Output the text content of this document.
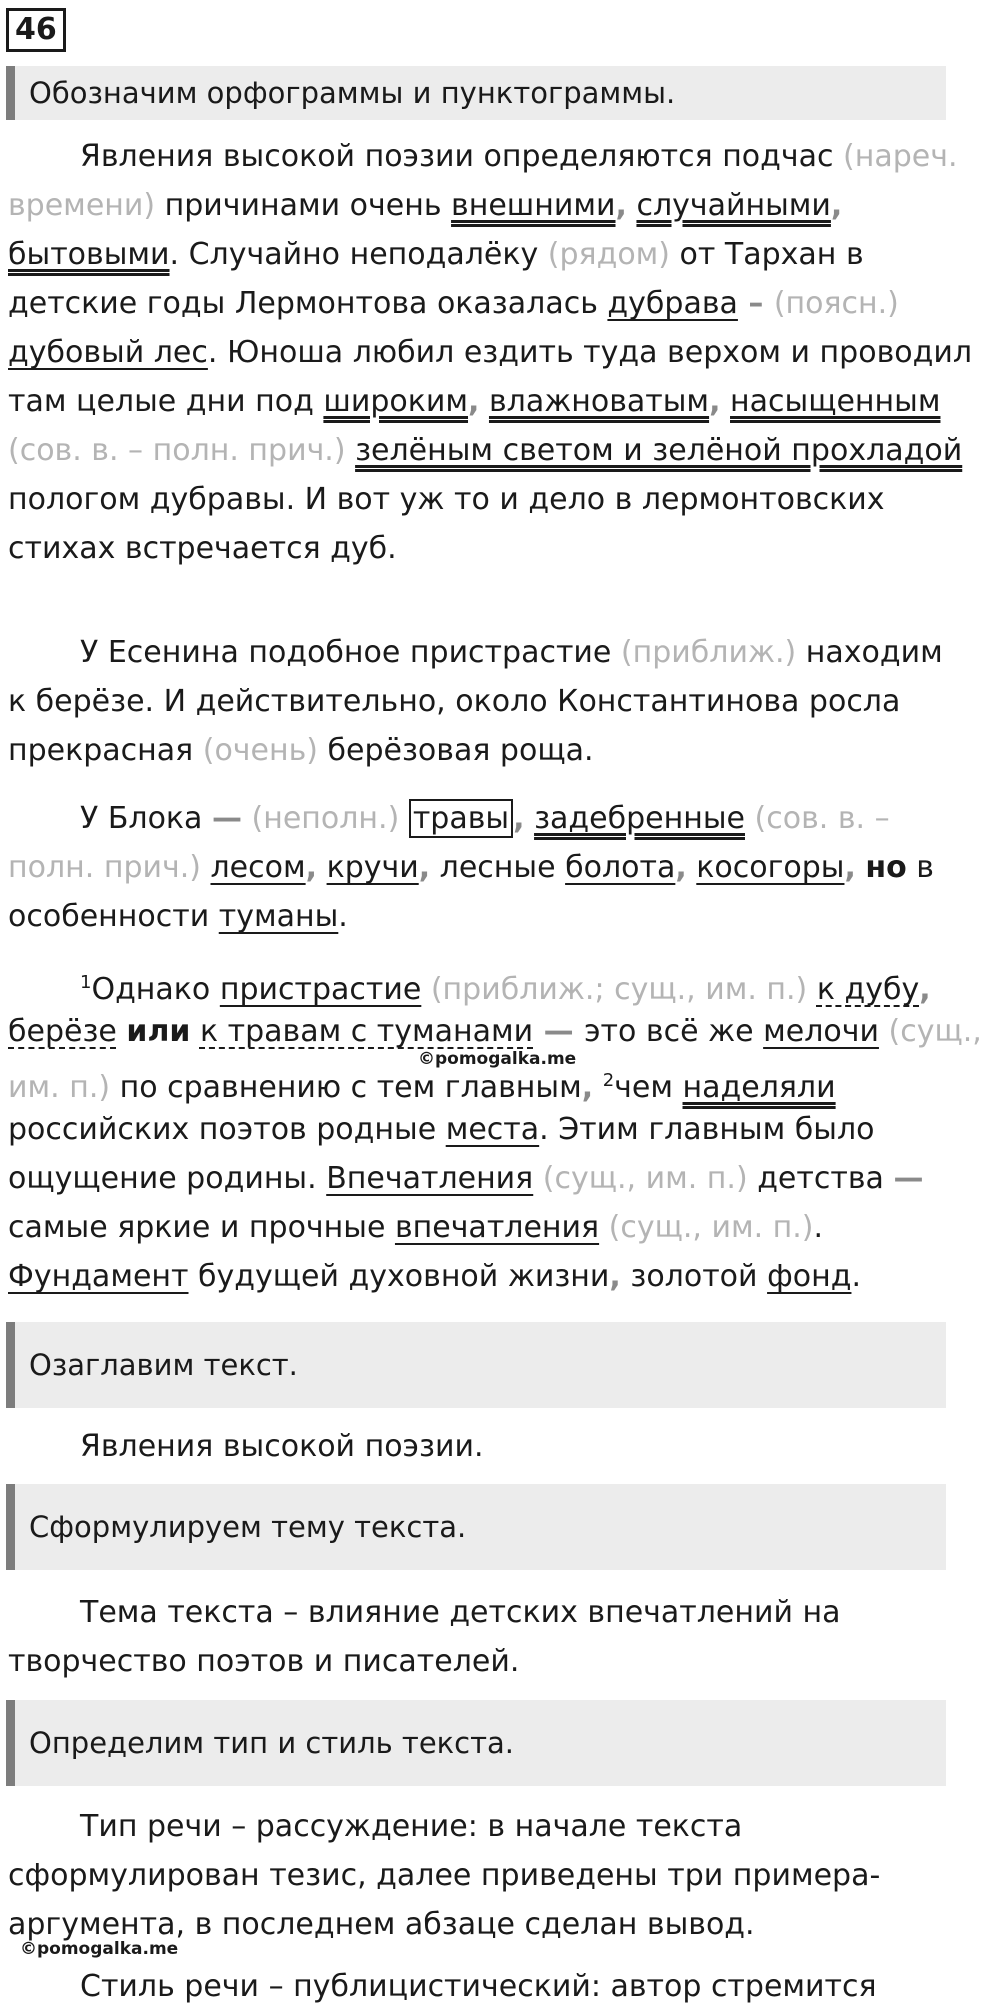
46
Обозначим орфограммы и пунктограммы.
Явления высокой поэзии определяются подчас (нареч.
времени) причинами очень внешними, случайными,
бытовыми. Случайно неподалёку (рядом) от Тархан в
детские годы Лермонтова оказалась дубрава – (поясн.)
дубовый лес. Юноша любил ездить туда верхом и проводил
там целые дни под широким, влажноватым, насыщенным
(сов. в. – полн. прич.) зелёным светом и зелёной прохладой
пологом дубравы. И вот уж то и дело в лермонтовских
стихах встречается дуб.
У Есенина подобное пристрастие (приближ.) находим
к берёзе. И действительно, около Константинова росла
прекрасная (очень) берёзовая роща.
У Блока — (неполн.) травы , задебренные (сов. в. –
полн. прич.) лесом, кручи, лесные болота, косогоры, но в
особенности туманы.
$^1$Однако пристрастие (приближ.; сущ., им. п.) к дубу,
берёзе или к травам с туманами — это всё же мелочи (сущ.,
им. п.) по сравнению с тем главным, $^2$чем наделяли
российских поэтов родные места. Этим главным было
ощущение родины. Впечатления (сущ., им. п.) детства —
самые яркие и прочные впечатления (сущ., им. п.).
Фундамент будущей духовной жизни, золотой фонд.
©pomogalka.me
Озаглавим текст.
Явления высокой поэзии.
Сформулируем тему текста.
Тема текста – влияние детских впечатлений на
творчество поэтов и писателей.
Определим тип и стиль текста.
Тип речи – рассуждение: в начале текста
сформулирован тезис, далее приведены три примера-
аргумента, в последнем абзаце сделан вывод.
©pomogalka.me
Стиль речи – публицистический: автор стремится
